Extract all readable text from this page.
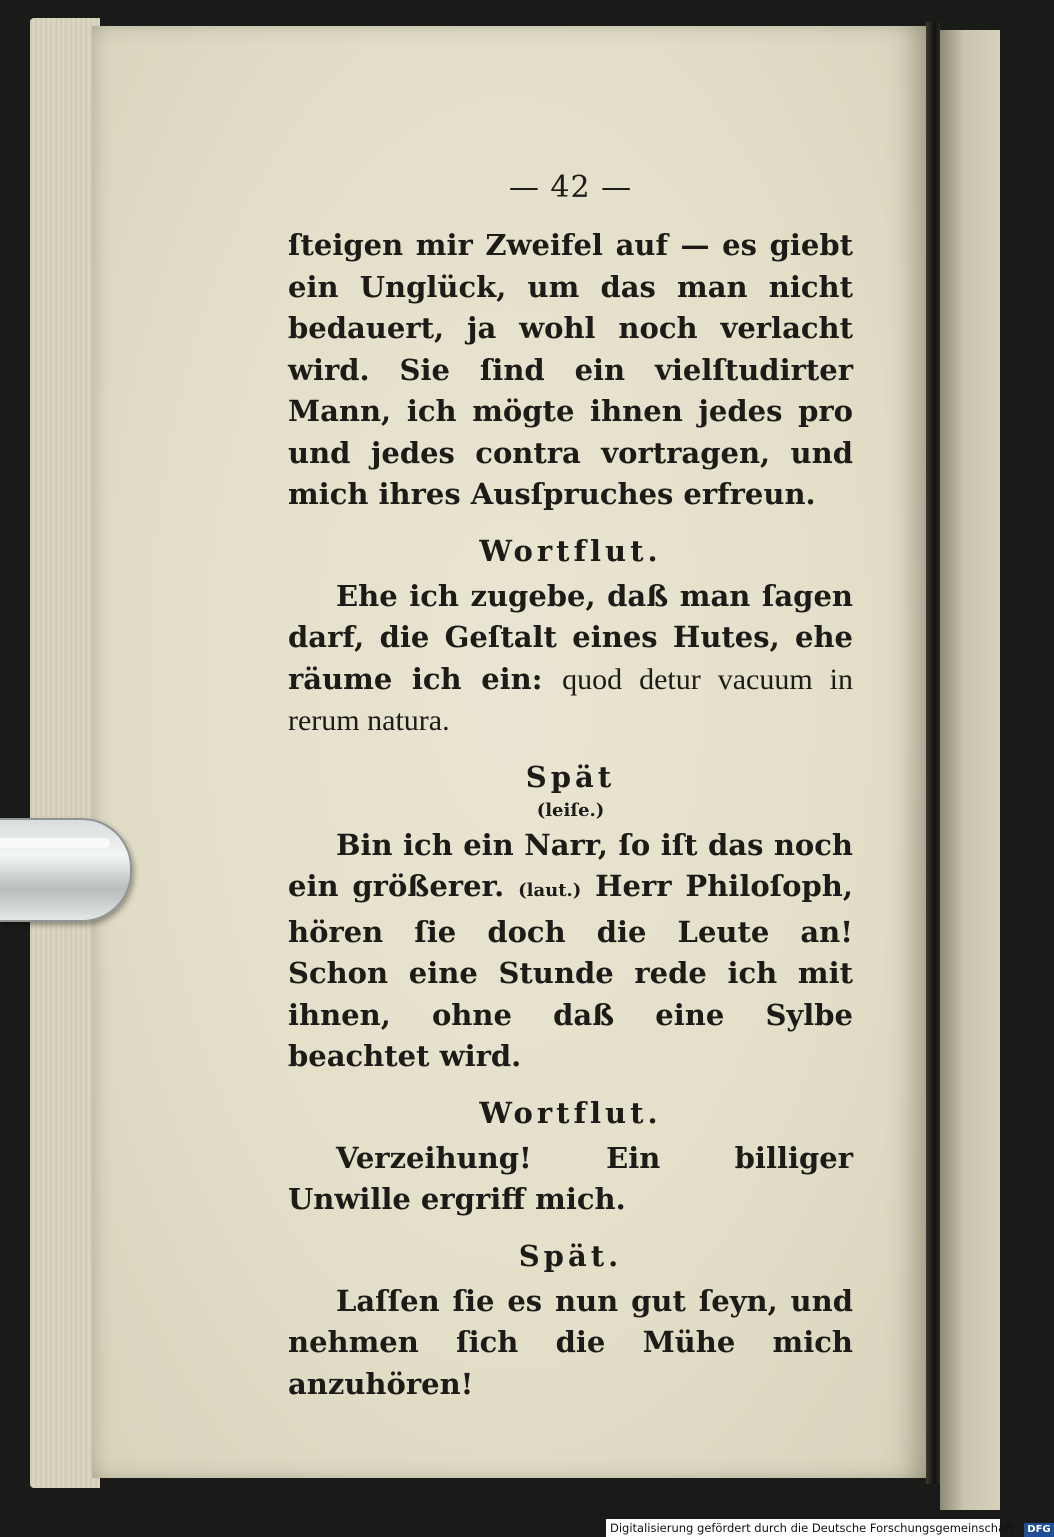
— 42 —

ſteigen mir Zweifel auf — es giebt ein Unglück, um das man nicht bedauert, ja wohl noch verlacht wird. Sie ſind ein vielſtudirter Mann, ich mögte ihnen jedes pro und jedes contra vortragen, und mich ihres Ausſpruches erfreun.

Wortflut.

Ehe ich zugebe, daß man ſagen darf, die Geſtalt eines Hutes, ehe räume ich ein: quod detur vacuum in rerum natura.

Spät
(leiſe.)

Bin ich ein Narr, ſo iſt das noch ein größerer. (laut.) Herr Philoſoph, hören ſie doch die Leute an! Schon eine Stunde rede ich mit ihnen, ohne daß eine Sylbe beachtet wird.

Wortflut.

Verzeihung! Ein billiger Unwille ergriff mich.

Spät.

Laſſen ſie es nun gut ſeyn, und nehmen ſich die Mühe mich anzuhören!

Digitalisierung gefördert durch die Deutsche Forschungsgemeinschaft - DFG
